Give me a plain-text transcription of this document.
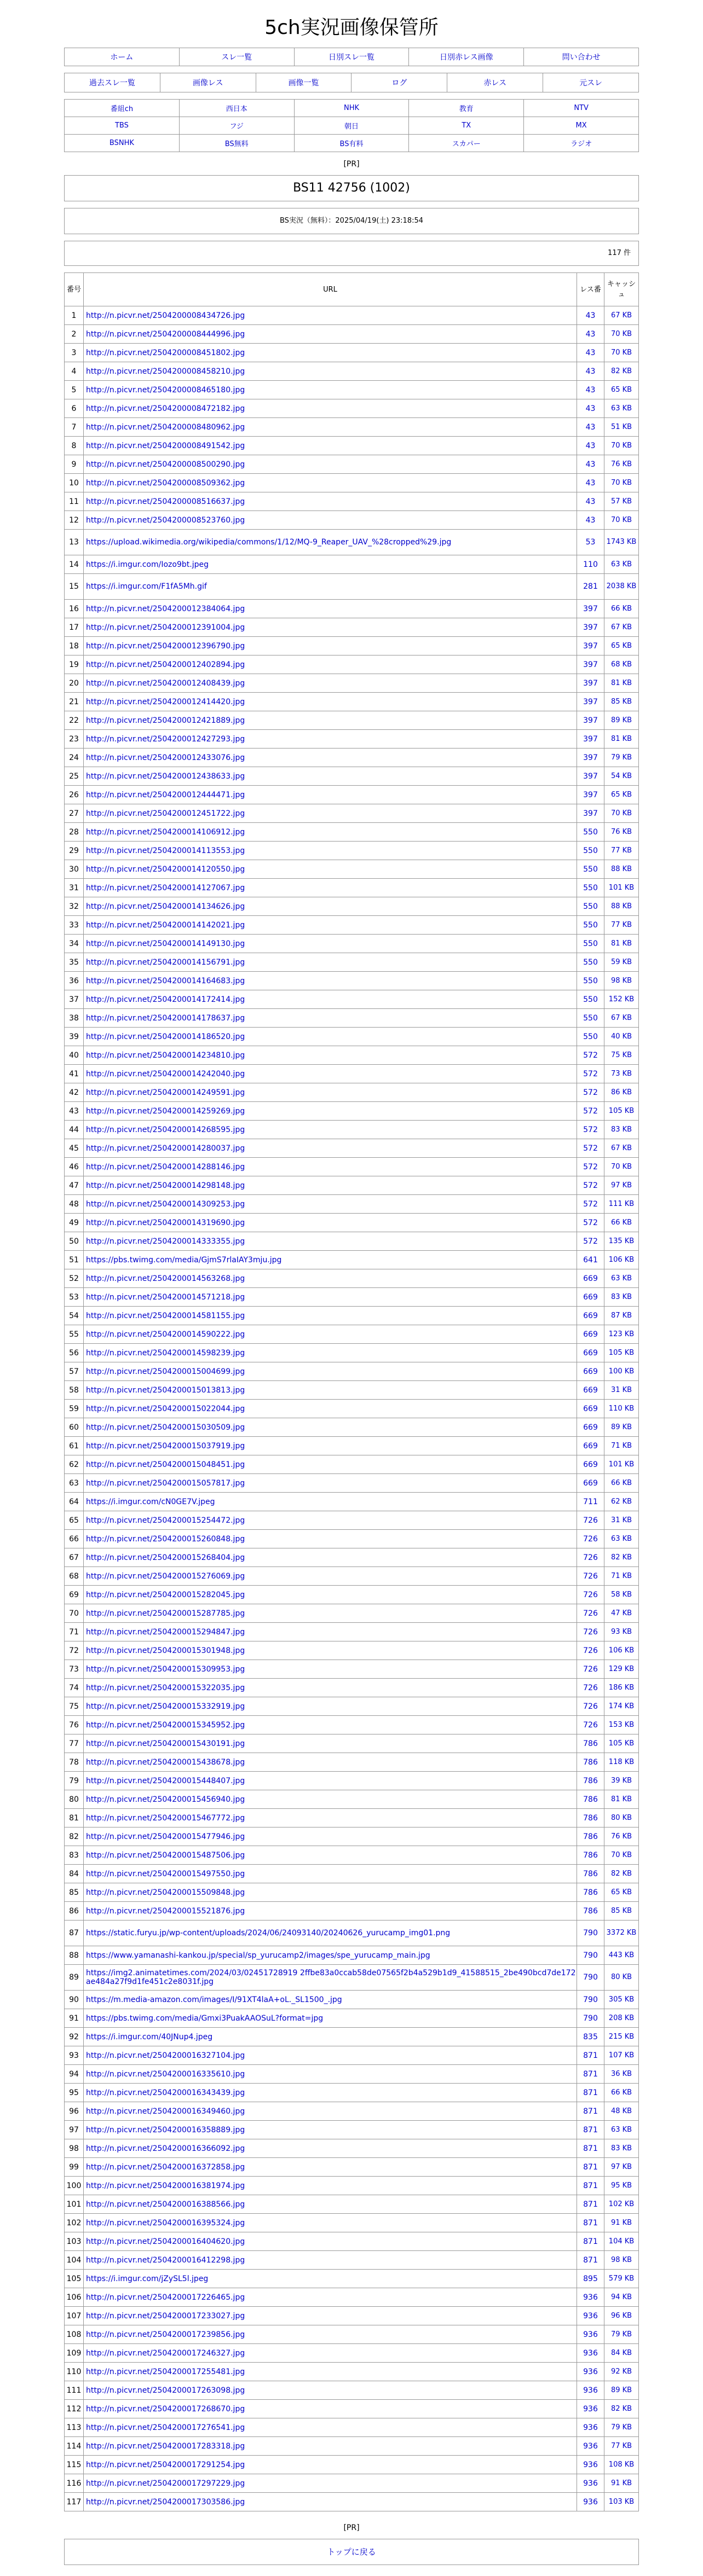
5ch実況画像保管所
ホーム	スレ一覧	日別スレ一覧	日別赤レス画像	問い合わせ
過去スレ一覧	画像レス	画像一覧	ログ	赤レス	元スレ
番組ch	西日本	NHK	教育	NTV
TBS	フジ	朝日	TX	MX
BSNHK	BS無料	BS有料	スカパー	ラジオ
[PR]
BS11 42756 (1002)
BS実況（無料）：2025/04/19(土) 23:18:54
117 件
番号	URL	レス番	キャッシュ
1	http://n.picvr.net/2504200008434726.jpg	43	67 KB
2	http://n.picvr.net/2504200008444996.jpg	43	70 KB
3	http://n.picvr.net/2504200008451802.jpg	43	70 KB
4	http://n.picvr.net/2504200008458210.jpg	43	82 KB
5	http://n.picvr.net/2504200008465180.jpg	43	65 KB
6	http://n.picvr.net/2504200008472182.jpg	43	63 KB
7	http://n.picvr.net/2504200008480962.jpg	43	51 KB
8	http://n.picvr.net/2504200008491542.jpg	43	70 KB
9	http://n.picvr.net/2504200008500290.jpg	43	76 KB
10	http://n.picvr.net/2504200008509362.jpg	43	70 KB
11	http://n.picvr.net/2504200008516637.jpg	43	57 KB
12	http://n.picvr.net/2504200008523760.jpg	43	70 KB
13	https://upload.wikimedia.org/wikipedia/commons/1/12/MQ-9_Reaper_UAV_%28cropped%29.jpg	53	1743 KB
14	https://i.imgur.com/Iozo9bt.jpeg	110	63 KB
15	https://i.imgur.com/F1fA5Mh.gif	281	2038 KB
16	http://n.picvr.net/2504200012384064.jpg	397	66 KB
17	http://n.picvr.net/2504200012391004.jpg	397	67 KB
18	http://n.picvr.net/2504200012396790.jpg	397	65 KB
19	http://n.picvr.net/2504200012402894.jpg	397	68 KB
20	http://n.picvr.net/2504200012408439.jpg	397	81 KB
21	http://n.picvr.net/2504200012414420.jpg	397	85 KB
22	http://n.picvr.net/2504200012421889.jpg	397	89 KB
23	http://n.picvr.net/2504200012427293.jpg	397	81 KB
24	http://n.picvr.net/2504200012433076.jpg	397	79 KB
25	http://n.picvr.net/2504200012438633.jpg	397	54 KB
26	http://n.picvr.net/2504200012444471.jpg	397	65 KB
27	http://n.picvr.net/2504200012451722.jpg	397	70 KB
28	http://n.picvr.net/2504200014106912.jpg	550	76 KB
29	http://n.picvr.net/2504200014113553.jpg	550	77 KB
30	http://n.picvr.net/2504200014120550.jpg	550	88 KB
31	http://n.picvr.net/2504200014127067.jpg	550	101 KB
32	http://n.picvr.net/2504200014134626.jpg	550	88 KB
33	http://n.picvr.net/2504200014142021.jpg	550	77 KB
34	http://n.picvr.net/2504200014149130.jpg	550	81 KB
35	http://n.picvr.net/2504200014156791.jpg	550	59 KB
36	http://n.picvr.net/2504200014164683.jpg	550	98 KB
37	http://n.picvr.net/2504200014172414.jpg	550	152 KB
38	http://n.picvr.net/2504200014178637.jpg	550	67 KB
39	http://n.picvr.net/2504200014186520.jpg	550	40 KB
40	http://n.picvr.net/2504200014234810.jpg	572	75 KB
41	http://n.picvr.net/2504200014242040.jpg	572	73 KB
42	http://n.picvr.net/2504200014249591.jpg	572	86 KB
43	http://n.picvr.net/2504200014259269.jpg	572	105 KB
44	http://n.picvr.net/2504200014268595.jpg	572	83 KB
45	http://n.picvr.net/2504200014280037.jpg	572	67 KB
46	http://n.picvr.net/2504200014288146.jpg	572	70 KB
47	http://n.picvr.net/2504200014298148.jpg	572	97 KB
48	http://n.picvr.net/2504200014309253.jpg	572	111 KB
49	http://n.picvr.net/2504200014319690.jpg	572	66 KB
50	http://n.picvr.net/2504200014333355.jpg	572	135 KB
51	https://pbs.twimg.com/media/GjmS7rlaIAY3mju.jpg	641	106 KB
52	http://n.picvr.net/2504200014563268.jpg	669	63 KB
53	http://n.picvr.net/2504200014571218.jpg	669	83 KB
54	http://n.picvr.net/2504200014581155.jpg	669	87 KB
55	http://n.picvr.net/2504200014590222.jpg	669	123 KB
56	http://n.picvr.net/2504200014598239.jpg	669	105 KB
57	http://n.picvr.net/2504200015004699.jpg	669	100 KB
58	http://n.picvr.net/2504200015013813.jpg	669	31 KB
59	http://n.picvr.net/2504200015022044.jpg	669	110 KB
60	http://n.picvr.net/2504200015030509.jpg	669	89 KB
61	http://n.picvr.net/2504200015037919.jpg	669	71 KB
62	http://n.picvr.net/2504200015048451.jpg	669	101 KB
63	http://n.picvr.net/2504200015057817.jpg	669	66 KB
64	https://i.imgur.com/cN0GE7V.jpeg	711	62 KB
65	http://n.picvr.net/2504200015254472.jpg	726	31 KB
66	http://n.picvr.net/2504200015260848.jpg	726	63 KB
67	http://n.picvr.net/2504200015268404.jpg	726	82 KB
68	http://n.picvr.net/2504200015276069.jpg	726	71 KB
69	http://n.picvr.net/2504200015282045.jpg	726	58 KB
70	http://n.picvr.net/2504200015287785.jpg	726	47 KB
71	http://n.picvr.net/2504200015294847.jpg	726	93 KB
72	http://n.picvr.net/2504200015301948.jpg	726	106 KB
73	http://n.picvr.net/2504200015309953.jpg	726	129 KB
74	http://n.picvr.net/2504200015322035.jpg	726	186 KB
75	http://n.picvr.net/2504200015332919.jpg	726	174 KB
76	http://n.picvr.net/2504200015345952.jpg	726	153 KB
77	http://n.picvr.net/2504200015430191.jpg	786	105 KB
78	http://n.picvr.net/2504200015438678.jpg	786	118 KB
79	http://n.picvr.net/2504200015448407.jpg	786	39 KB
80	http://n.picvr.net/2504200015456940.jpg	786	81 KB
81	http://n.picvr.net/2504200015467772.jpg	786	80 KB
82	http://n.picvr.net/2504200015477946.jpg	786	76 KB
83	http://n.picvr.net/2504200015487506.jpg	786	70 KB
84	http://n.picvr.net/2504200015497550.jpg	786	82 KB
85	http://n.picvr.net/2504200015509848.jpg	786	65 KB
86	http://n.picvr.net/2504200015521876.jpg	786	85 KB
87	https://static.furyu.jp/wp-content/uploads/2024/06/24093140/20240626_yurucamp_img01.png	790	3372 KB
88	https://www.yamanashi-kankou.jp/special/sp_yurucamp2/images/spe_yurucamp_main.jpg	790	443 KB
89	https://img2.animatetimes.com/2024/03/02451728919 2ffbe83a0ccab58de07565f2b4a529b1d9_41588515_2be490bcd7de172ae484a27f9d1fe451c2e8031f.jpg	790	80 KB
90	https://m.media-amazon.com/images/I/91XT4laA+oL._SL1500_.jpg	790	305 KB
91	https://pbs.twimg.com/media/Gmxi3PuakAAOSuL?format=jpg	790	208 KB
92	https://i.imgur.com/40JNup4.jpeg	835	215 KB
93	http://n.picvr.net/2504200016327104.jpg	871	107 KB
94	http://n.picvr.net/2504200016335610.jpg	871	36 KB
95	http://n.picvr.net/2504200016343439.jpg	871	66 KB
96	http://n.picvr.net/2504200016349460.jpg	871	48 KB
97	http://n.picvr.net/2504200016358889.jpg	871	63 KB
98	http://n.picvr.net/2504200016366092.jpg	871	83 KB
99	http://n.picvr.net/2504200016372858.jpg	871	97 KB
100	http://n.picvr.net/2504200016381974.jpg	871	95 KB
101	http://n.picvr.net/2504200016388566.jpg	871	102 KB
102	http://n.picvr.net/2504200016395324.jpg	871	91 KB
103	http://n.picvr.net/2504200016404620.jpg	871	104 KB
104	http://n.picvr.net/2504200016412298.jpg	871	98 KB
105	https://i.imgur.com/jZySL5l.jpeg	895	579 KB
106	http://n.picvr.net/2504200017226465.jpg	936	94 KB
107	http://n.picvr.net/2504200017233027.jpg	936	96 KB
108	http://n.picvr.net/2504200017239856.jpg	936	79 KB
109	http://n.picvr.net/2504200017246327.jpg	936	84 KB
110	http://n.picvr.net/2504200017255481.jpg	936	92 KB
111	http://n.picvr.net/2504200017263098.jpg	936	89 KB
112	http://n.picvr.net/2504200017268670.jpg	936	82 KB
113	http://n.picvr.net/2504200017276541.jpg	936	79 KB
114	http://n.picvr.net/2504200017283318.jpg	936	77 KB
115	http://n.picvr.net/2504200017291254.jpg	936	108 KB
116	http://n.picvr.net/2504200017297229.jpg	936	91 KB
117	http://n.picvr.net/2504200017303586.jpg	936	103 KB
[PR]
トップに戻る
